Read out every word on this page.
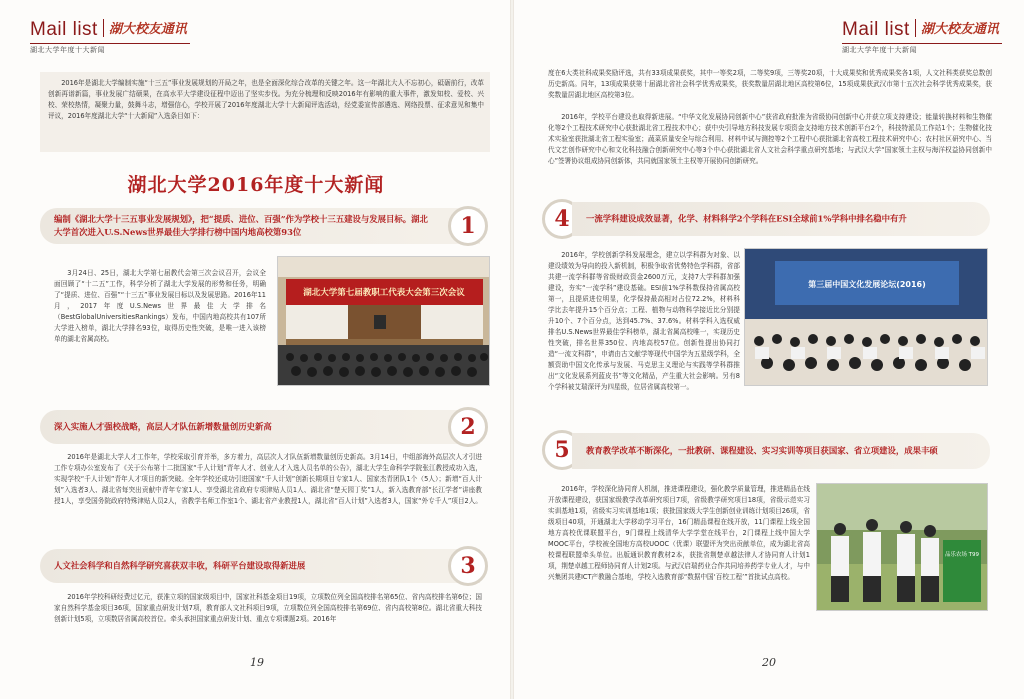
Mail list 湖大校友通讯
湖北大学年度十大新闻
2016年是湖北大学编制实施“十三五”事业发展规划的开局之年，也是全面深化综合改革的关键之年。这一年湖北大人不忘初心，砥砺前行，改革创新再谱新篇，事业发展广结硕果，在高水平大学建设征程中迈出了坚实步伐。为充分梳理和反映2016年有影响的重大事件，激发知校、爱校、兴校、荣校热情，凝聚力量，鼓舞斗志，增强信心，学校开展了2016年度湖北大学十大新闻评选活动，经党委宣传部遴选、网络投票、征求意见和集中评议，2016年度湖北大学“十大新闻”入选条目如下：
湖北大学2016年度十大新闻
编制《湖北大学十三五事业发展规划》，把“提质、进位、百强”作为学校十三五建设与发展目标。湖北大学首次进入U.S.News世界最佳大学排行榜中国内地高校第93位	1
3月24日、25日，湖北大学第七届教代会第三次会议召开，会议全面回顾了“十二五”工作，科学分析了湖北大学发展的形势和任务，明确了“提质、进位、百强”“十三五”事业发展目标以及发展思路。2016年11月，2017年度U.S.News世界最佳大学排名（BestGlobalUniversitiesRankings）发布，中国内地高校共有107所大学进入榜单，湖北大学排名93位，取得历史性突破，是唯一进入该榜单的湖北省属高校。
湖北大学第七届教职工代表大会第三次会议
深入实施人才强校战略，高层人才队伍新增数量创历史新高	2
2016年是湖北大学人才工作年，学校采取引育并举，多方着力，高层次人才队伍新增数量创历史新高。3月14日，中组部海外高层次人才引进工作专项办公室发布了《关于公布第十二批国家“千人计划”青年人才、创业人才入选人员名单的公告》，湖北大学生命科学学院张江教授成功入选，实现学校“千人计划”青年人才项目的新突破。全年学校还成功引进国家“千人计划”创新长期项目专家1人、国家杰青团队1个（5人）；新增“百人计划”入选者3人、湖北省每突出贡献中青年专家1人、享受湖北省政府专项津贴人员1人、湖北省“楚天园丁奖”1人，新入选教育部“长江学者”讲座教授1人，享受国务院政府特殊津贴人员2人，省教学名师工作室1个、湖北省产业教授1人，湖北省“百人计划”入选者3人，国家“外专千人”项目2人。
人文社会科学和自然科学研究喜获双丰收，科研平台建设取得新进展	3
2016年学校科研经费过亿元，获准立项的国家级项目中，国家社科基金项目19项，立项数位列全国高校排名第65位、省内高校排名第6位；国家自然科学基金项目36项，国家重点研发计划7项，教育部人文社科项目9项，立项数位列全国高校排名第69位、省内高校第8位。湖北省重大科技创新计划5项，立项数居省属高校首位。牵头承担国家重点研发计划、重点专项课题2项。2016年
19
Mail list 湖大校友通讯
湖北大学年度十大新闻
度在6大类社科成果奖励评选，共有33项成果获奖，其中一等奖2项，二等奖9项，三等奖20项，十大成果奖和优秀成果奖各1项，人文社科类获奖总数创历史新高。同年，13项成果获第十届湖北省社会科学优秀成果奖，获奖数量居湖北地区高校第6位，15项成果获武汉市第十五次社会科学优秀成果奖，获奖数量居湖北地区高校第3位。
2016年，学校平台建设也取得新进展。“中华文化发展协同创新中心”获省政府批准为省级协同创新中心并获立项支持建设；能量转换材料和生物催化等2个工程技术研究中心获批湖北省工程技术中心；获中央引导地方科技发展专项资金支持地方技术创新平台2个，科技特派员工作站1个；生物催化技术实验室获批湖北省工程实验室；蔬菜质量安全与综合利用、材料中试与测控等2个工程中心获批湖北省高校工程技术研究中心；农村社区研究中心、当代文艺创作研究中心和文化科技融合创新研究中心等3个中心获批湖北省人文社会科学重点研究基地；与武汉大学“国家领土主权与海洋权益协同创新中心”签署协议组成协同创新体，共同就国家领土主权等开展协同创新研究。
4	一流学科建设成效显著，化学、材料科学2个学科在ESI全球前1%学科中排名稳中有升
2016年，学校创新学科发展理念，建立以学科群为对象、以建设绩效为导向的投入新机制，积极争取省优势特色学科群，省部共建一流学科群等省级财政资金2600万元，支持7大学科群加强建设，夯实“一流学科”建设基础。ESI前1%学科数保持省属高校第一，且提质进位明显，化学保持最高相对占位72.2%，材料科学比去年提升15个百分点；工程、植物与动物科学接近比分别提升10个、7个百分点，达到45.7%、37.6%。材料学科入选权威排名U.S.News世界最佳学科榜单，湖北省属高校唯一，实现历史性突破，排名世界350位、内地高校57位。创新性提出协同打造“一流文科群”，申请由古文献学等现代中国学为五星级学科，全额资助中国文化传承与发展、马克思主义理论与实践等学科群推出“文化发展系列蓝皮书”等文化精品，产生重大社会影响。另有8个学科被艾瑞深评为四星级，位居省属高校第一。
第三届中国文化发展论坛(2016)
5	教育教学改革不断深化，一批教研、课程建设、实习实训等项目获国家、省立项建设，成果丰硕
2016年，学校深化协同育人机制，推进课程建设，强化教学质量管理，推进精品在线开放课程建设，获国家级教学改革研究项目7项，省级教学研究项目18项，省级示范实习实训基地1项，省级实习实训基地1项；获批国家级大学生创新创业训练计划项目26项，省级项目40项，开通湖北大学移动学习平台，16门精品课程在线开放，11门课程上线全国地方高校优课联盟平台，9门课程上线清华大学学堂在线平台，2门课程上线中国大学MOOC平台，学校被全国地方高校UOOC（优课）联盟评为突出贡献单位，成为湖北省高校课程联盟牵头单位。出版通识教育教材2本，获批省荆楚卓越法律人才协同育人计划1项，荆楚卓越工程师协同育人计划2项。与武汉启瑞药业合作共同培养药学专业人才，与中兴集团共建ICT产教融合基地，学校入选教育部“数据中国‘百校工程’”首批试点高校。
品乐农场 T99
20
